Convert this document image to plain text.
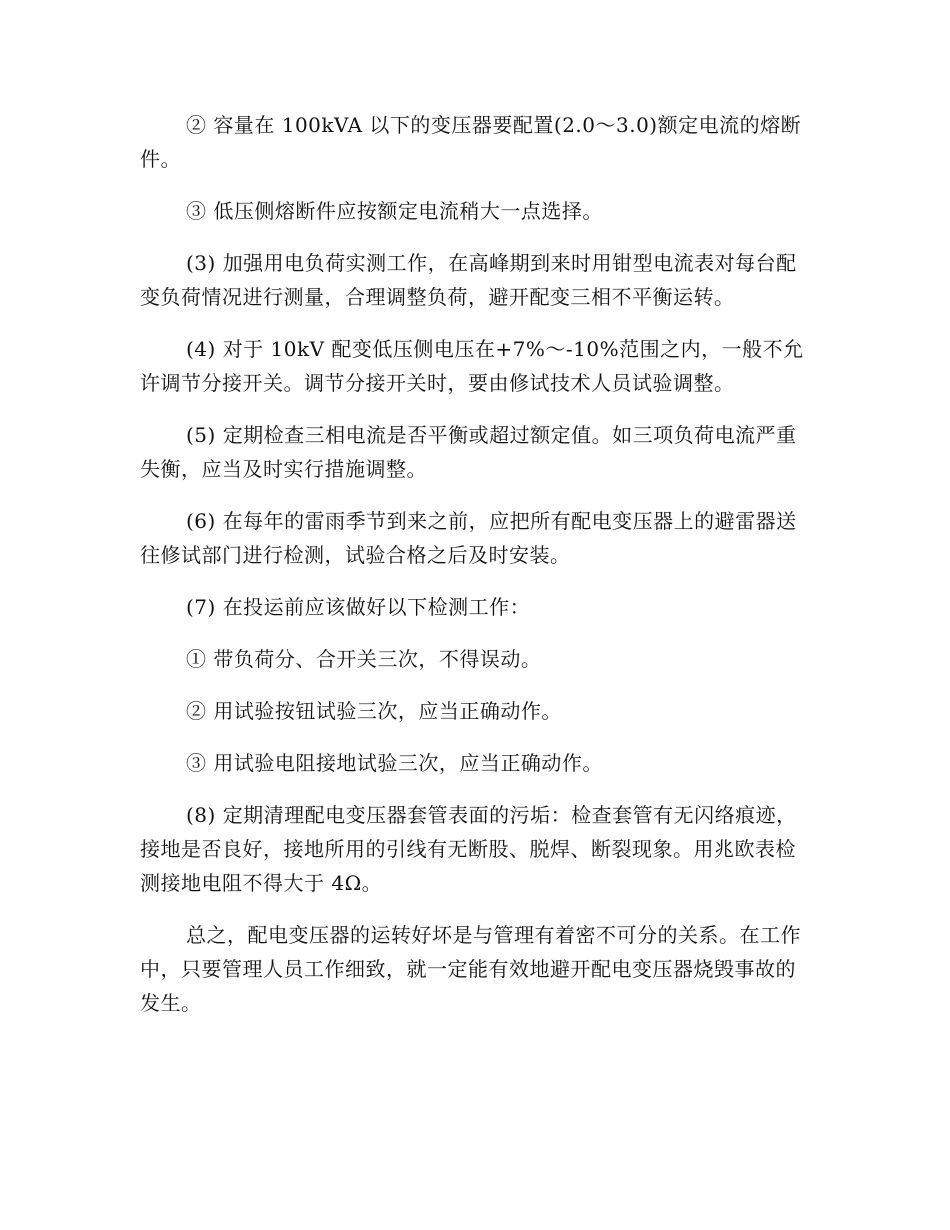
② 容量在 100kVA 以下的变压器要配置(2.0～3.0)额定电流的熔断件。

③ 低压侧熔断件应按额定电流稍大一点选择。

(3) 加强用电负荷实测工作，在高峰期到来时用钳型电流表对每台配变负荷情况进行测量，合理调整负荷，避开配变三相不平衡运转。

(4) 对于 10kV 配变低压侧电压在+7%～-10%范围之内，一般不允许调节分接开关。调节分接开关时，要由修试技术人员试验调整。

(5) 定期检查三相电流是否平衡或超过额定值。如三项负荷电流严重失衡，应当及时实行措施调整。

(6) 在每年的雷雨季节到来之前，应把所有配电变压器上的避雷器送往修试部门进行检测，试验合格之后及时安装。

(7) 在投运前应该做好以下检测工作：

① 带负荷分、合开关三次，不得误动。

② 用试验按钮试验三次，应当正确动作。

③ 用试验电阻接地试验三次，应当正确动作。

(8) 定期清理配电变压器套管表面的污垢：检查套管有无闪络痕迹，接地是否良好，接地所用的引线有无断股、脱焊、断裂现象。用兆欧表检测接地电阻不得大于 4Ω。

总之，配电变压器的运转好坏是与管理有着密不可分的关系。在工作中，只要管理人员工作细致，就一定能有效地避开配电变压器烧毁事故的发生。
